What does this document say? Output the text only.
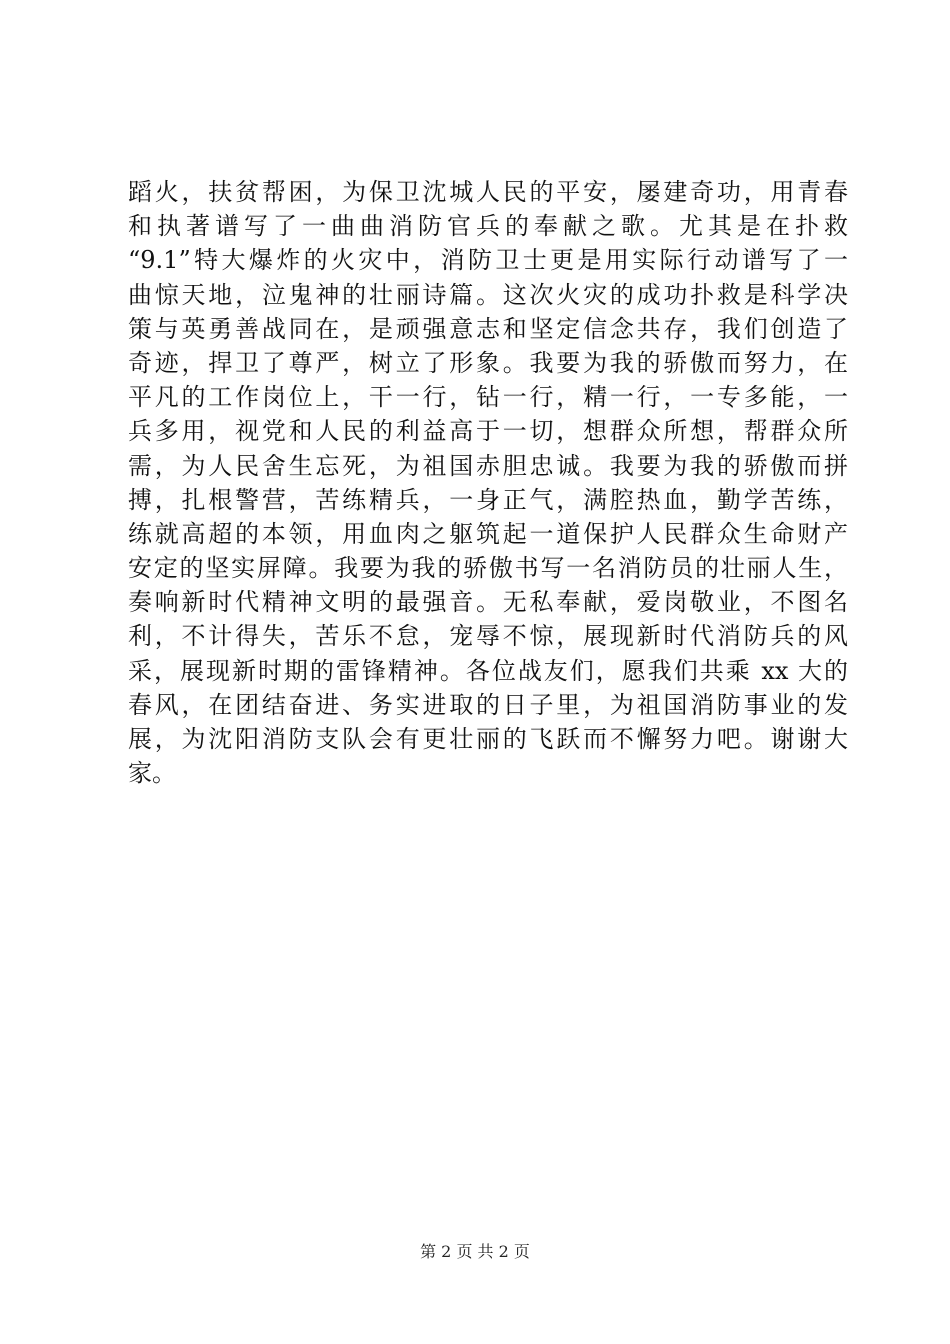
蹈火，扶贫帮困，为保卫沈城人民的平安，屡建奇功，用青春
和执著谱写了一曲曲消防官兵的奉献之歌。尤其是在扑救
“9.1”特大爆炸的火灾中，消防卫士更是用实际行动谱写了一
曲惊天地，泣鬼神的壮丽诗篇。这次火灾的成功扑救是科学决
策与英勇善战同在，是顽强意志和坚定信念共存，我们创造了
奇迹，捍卫了尊严，树立了形象。我要为我的骄傲而努力，在
平凡的工作岗位上，干一行，钻一行，精一行，一专多能，一
兵多用，视党和人民的利益高于一切，想群众所想，帮群众所
需，为人民舍生忘死，为祖国赤胆忠诚。我要为我的骄傲而拼
搏，扎根警营，苦练精兵，一身正气，满腔热血，勤学苦练，
练就高超的本领，用血肉之躯筑起一道保护人民群众生命财产
安定的坚实屏障。我要为我的骄傲书写一名消防员的壮丽人生，
奏响新时代精神文明的最强音。无私奉献，爱岗敬业，不图名
利，不计得失，苦乐不怠，宠辱不惊，展现新时代消防兵的风
采，展现新时期的雷锋精神。各位战友们，愿我们共乘 xx 大的
春风，在团结奋进、务实进取的日子里，为祖国消防事业的发
展，为沈阳消防支队会有更壮丽的飞跃而不懈努力吧。谢谢大
家。
第 2 页 共 2 页
